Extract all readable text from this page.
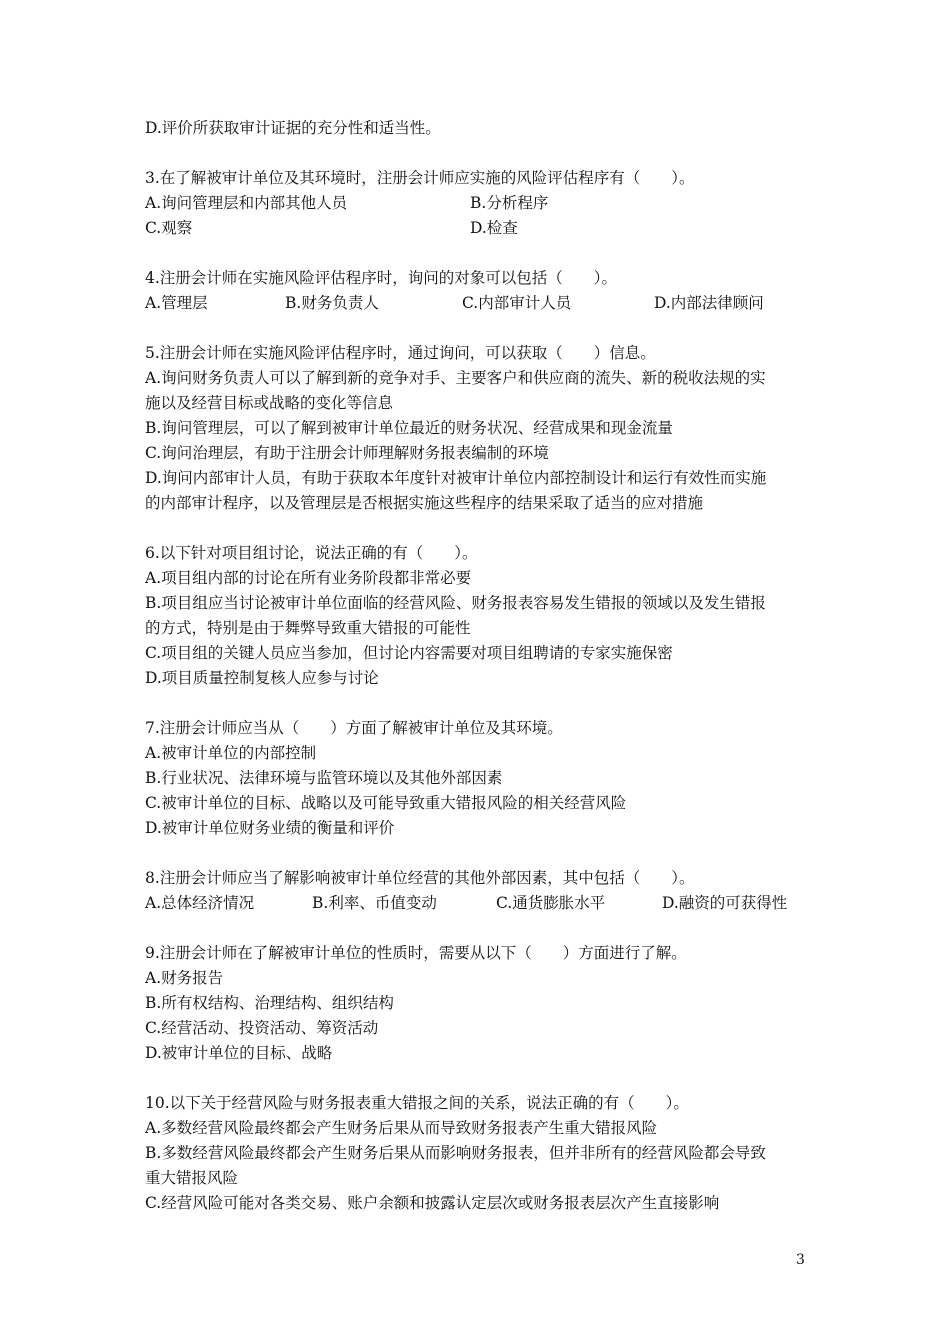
D.评价所获取审计证据的充分性和适当性。
3.在了解被审计单位及其环境时，注册会计师应实施的风险评估程序有（　　）。
A.询问管理层和内部其他人员	B.分析程序
C.观察	D.检查
4.注册会计师在实施风险评估程序时，询问的对象可以包括（　　）。
A.管理层	B.财务负责人	C.内部审计人员	D.内部法律顾问
5.注册会计师在实施风险评估程序时，通过询问，可以获取（　　）信息。
A.询问财务负责人可以了解到新的竞争对手、主要客户和供应商的流失、新的税收法规的实
施以及经营目标或战略的变化等信息
B.询问管理层，可以了解到被审计单位最近的财务状况、经营成果和现金流量
C.询问治理层，有助于注册会计师理解财务报表编制的环境
D.询问内部审计人员，有助于获取本年度针对被审计单位内部控制设计和运行有效性而实施
的内部审计程序，以及管理层是否根据实施这些程序的结果采取了适当的应对措施
6.以下针对项目组讨论，说法正确的有（　　）。
A.项目组内部的讨论在所有业务阶段都非常必要
B.项目组应当讨论被审计单位面临的经营风险、财务报表容易发生错报的领域以及发生错报
的方式，特别是由于舞弊导致重大错报的可能性
C.项目组的关键人员应当参加，但讨论内容需要对项目组聘请的专家实施保密
D.项目质量控制复核人应参与讨论
7.注册会计师应当从（　　）方面了解被审计单位及其环境。
A.被审计单位的内部控制
B.行业状况、法律环境与监管环境以及其他外部因素
C.被审计单位的目标、战略以及可能导致重大错报风险的相关经营风险
D.被审计单位财务业绩的衡量和评价
8.注册会计师应当了解影响被审计单位经营的其他外部因素，其中包括（　　）。
A.总体经济情况	B.利率、币值变动	C.通货膨胀水平	D.融资的可获得性
9.注册会计师在了解被审计单位的性质时，需要从以下（　　）方面进行了解。
A.财务报告
B.所有权结构、治理结构、组织结构
C.经营活动、投资活动、筹资活动
D.被审计单位的目标、战略
10.以下关于经营风险与财务报表重大错报之间的关系，说法正确的有（　　）。
A.多数经营风险最终都会产生财务后果从而导致财务报表产生重大错报风险
B.多数经营风险最终都会产生财务后果从而影响财务报表，但并非所有的经营风险都会导致
重大错报风险
C.经营风险可能对各类交易、账户余额和披露认定层次或财务报表层次产生直接影响
3
